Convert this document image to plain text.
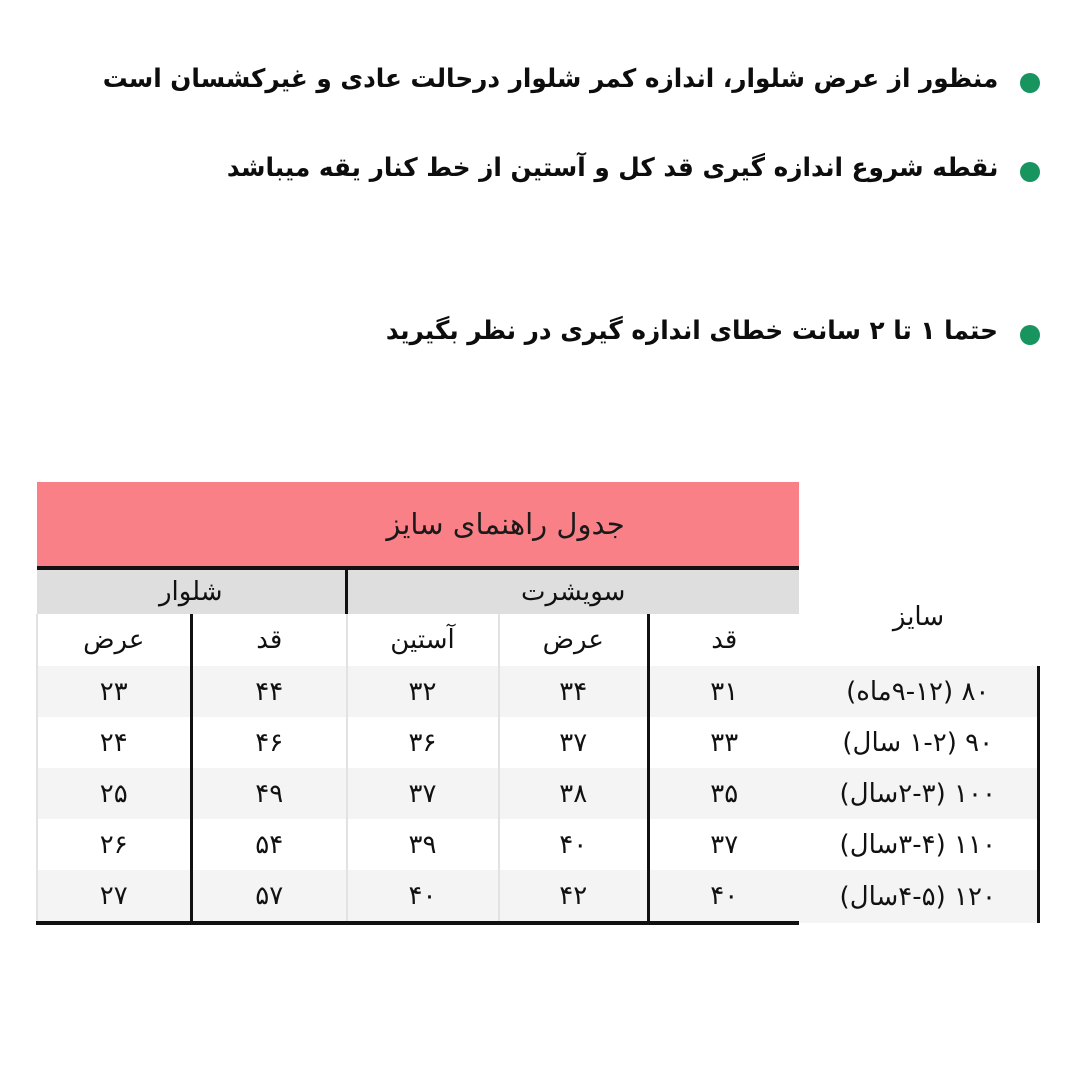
منظور از عرض شلوار، اندازه کمر شلوار درحالت عادی و غیرکشسان است
نقطه شروع اندازه گیری قد کل و آستین از خط کنار یقه میباشد
حتما ۱ تا ۲ سانت خطای اندازه گیری در نظر بگیرید

	جدول راهنمای سایز				

سایز	سویشرت			شلوار	
	قد	عرض	آستین	قد	عرض
۸۰ (۹-۱۲ماه)	۳۱	۳۴	۳۲	۴۴	۲۳
۹۰ (۱-۲ سال)	۳۳	۳۷	۳۶	۴۶	۲۴
۱۰۰ (۲-۳سال)	۳۵	۳۸	۳۷	۴۹	۲۵
۱۱۰ (۳-۴سال)	۳۷	۴۰	۳۹	۵۴	۲۶
۱۲۰ (۴-۵سال)	۴۰	۴۲	۴۰	۵۷	۲۷
